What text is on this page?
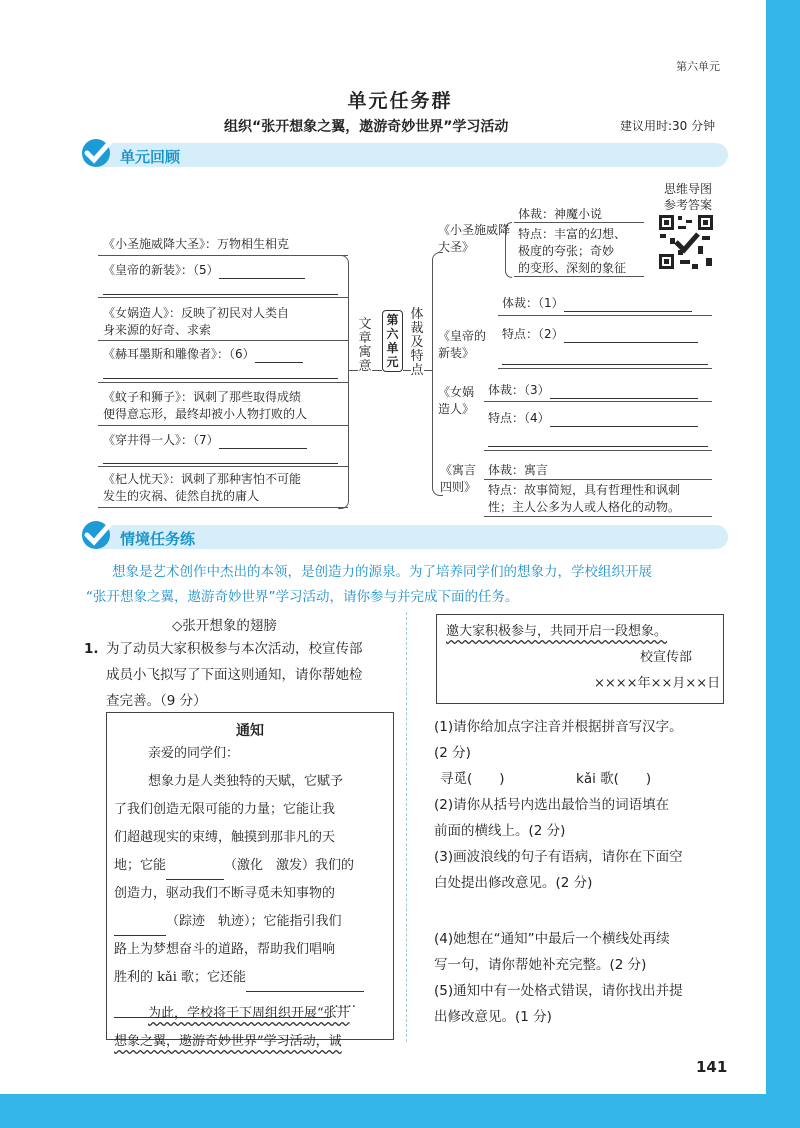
第六单元
单元任务群
组织“张开想象之翼，遨游奇妙世界”学习活动	建议用时:30 分钟
单元回顾
思维导图
参考答案
《小圣施威降大圣》：万物相生相克
《皇帝的新装》：（5）
《女娲造人》：反映了初民对人类自
身来源的好奇、求索
《赫耳墨斯和雕像者》：（6）
《蚊子和狮子》：讽刺了那些取得成绩
便得意忘形，最终却被小人物打败的人
《穿井得一人》：（7）
《杞人忧天》：讽刺了那种害怕不可能
发生的灾祸、徒然自扰的庸人
文章寓意
第六单元
体裁及特点
《小圣施威降大圣》
体裁：神魔小说
特点：丰富的幻想、
极度的夸张；奇妙
的变形、深刻的象征
体裁：（1）
《皇帝的新装》
特点：（2）
《女娲造人》
体裁：（3）
特点：（4）
《寓言四则》
体裁：寓言
特点：故事简短，具有哲理性和讽刺
性；主人公多为人或人格化的动物。
情境任务练
想象是艺术创作中杰出的本领，是创造力的源泉。为了培养同学们的想象力，学校组织开展
“张开想象之翼，遨游奇妙世界”学习活动，请你参与并完成下面的任务。
◇张开想象的翅膀
1. 为了动员大家积极参与本次活动，校宣传部
成员小飞拟写了下面这则通知，请你帮她检
查完善。（9 分）
通知
亲爱的同学们：
想象力是人类独特的天赋，它赋予
了我们创造无限可能的力量；它能让我
们超越现实的束缚，触摸到那非凡的天
地；它能	（激化　激发）我们的
创造力，驱动我们不断寻觅未知事物的
（踪迹　轨迹）；它能指引我们
路上为梦想奋斗的道路，帮助我们唱响
胜利的 kǎi 歌；它还能
……
为此，学校将于下周组织开展“张开
想象之翼，遨游奇妙世界”学习活动，诚
邀大家积极参与，共同开启一段想象。
校宣传部
××××年××月××日
(1)请你给加点字注音并根据拼音写汉字。
(2 分)
寻觅(　　)	kǎi 歌(　　)
(2)请你从括号内选出最恰当的词语填在
前面的横线上。(2 分)
(3)画波浪线的句子有语病，请你在下面空
白处提出修改意见。(2 分)
(4)她想在“通知”中最后一个横线处再续
写一句，请你帮她补充完整。(2 分)
(5)通知中有一处格式错误，请你找出并提
出修改意见。(1 分)
141
